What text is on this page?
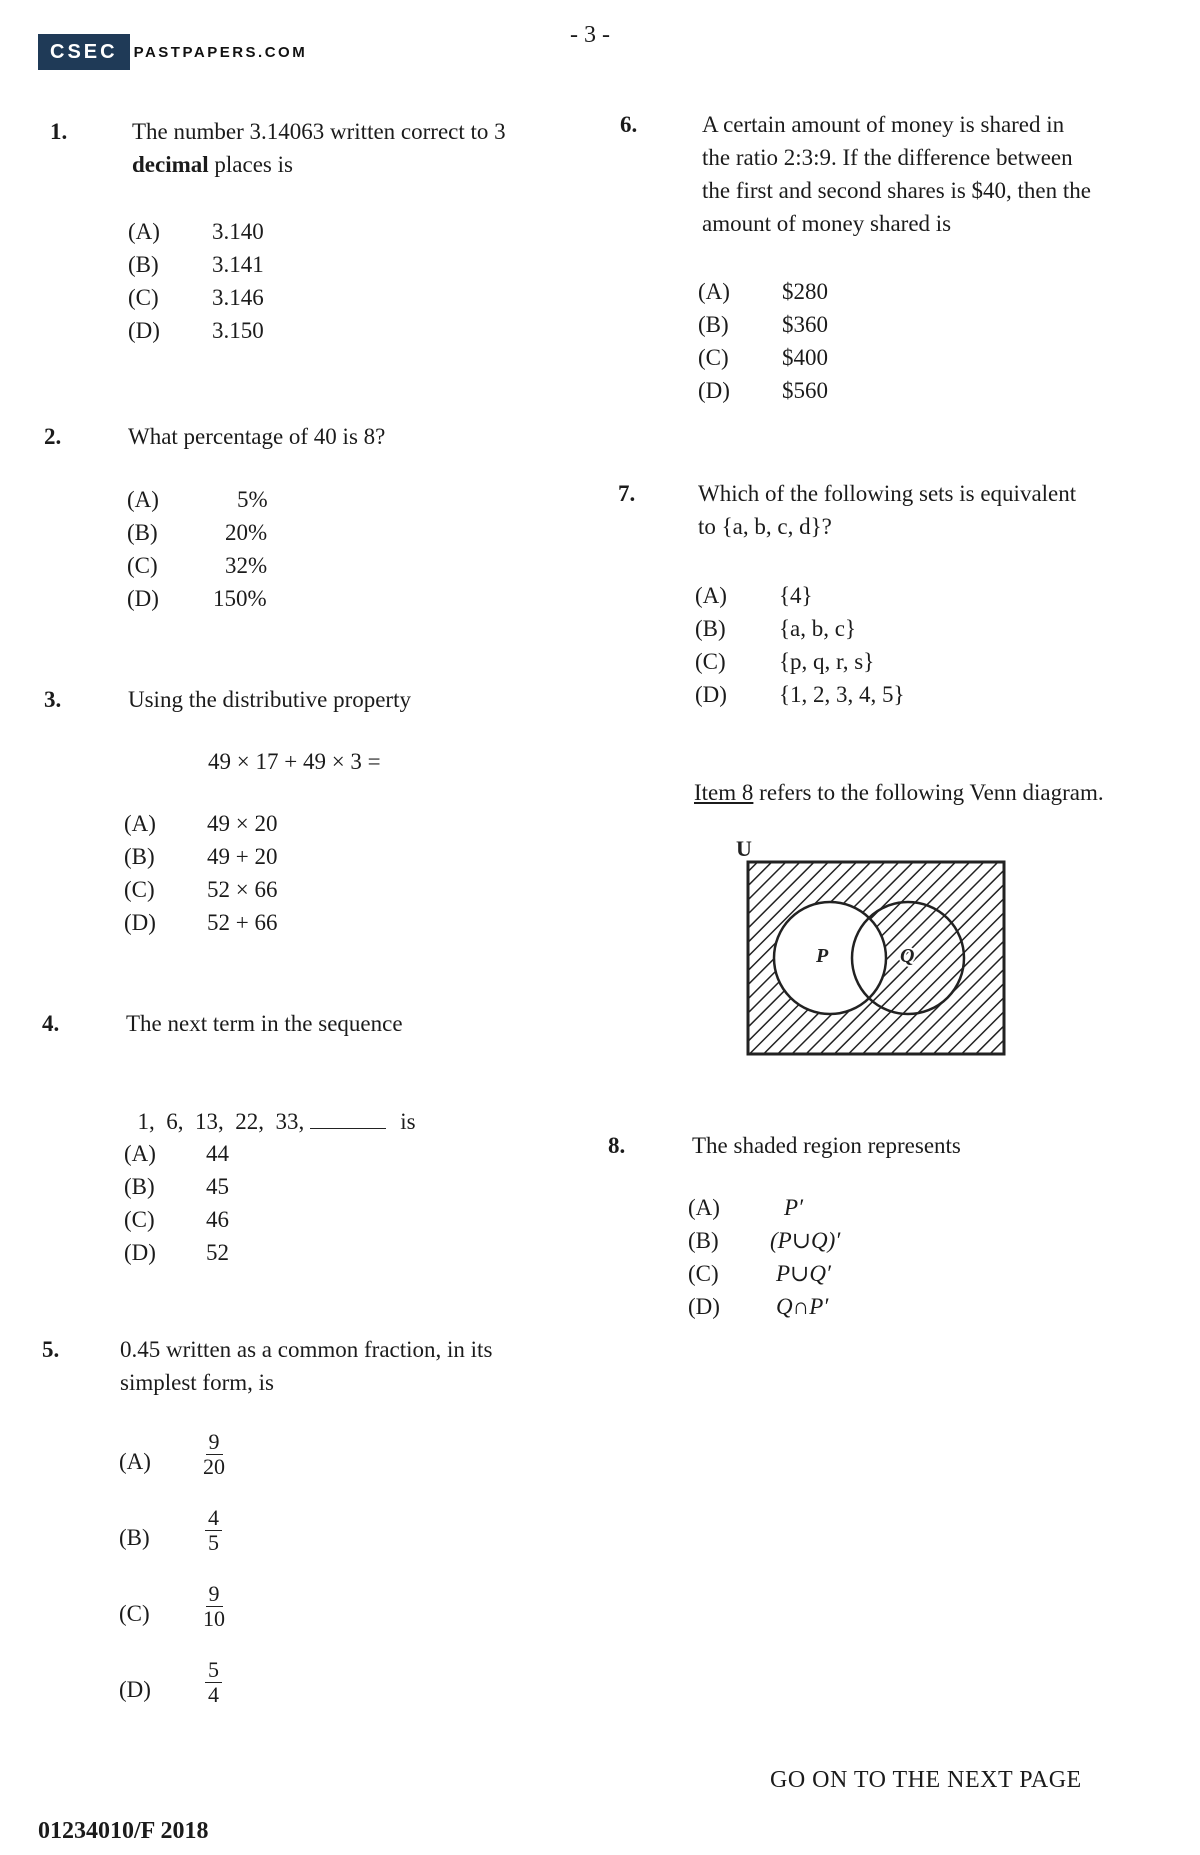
CSEC	PASTPAPERS.COM
- 3 -
1.	The number 3.14063 written correct to 3
decimal places is
(A) 3.140
(B) 3.141
(C) 3.146
(D) 3.150
2.	What percentage of 40 is 8?
(A)	5%
(B)	20%
(C)	32%
(D) 150%
3.	Using the distributive property
49 × 17 + 49 × 3 =
(A) 49 × 20
(B) 49 + 20
(C) 52 × 66
(D) 52 + 66
4.	The next term in the sequence

1,  6,  13,  22,  33,	is

(A) 44
(B) 45
(C) 46
(D) 52
5.	0.45 written as a common fraction, in its
simplest form, is
$(A) \frac{9}{20}$
(B)	$\frac{4}{5}$
$(C) \frac{9}{10}$
$(D) \frac{5}{4}$
6.	A certain amount of money is shared in
the ratio 2:3:9. If the difference between
the first and second shares is $40, then the
amount of money shared is
(A) $280
(B) $360
(C) $400
(D) $560
7.	Which of the following sets is equivalent
to {a, b, c, d}?
(A) {4}
(B) {a, b, c}
(C) {p, q, r, s}
(D) {1, 2, 3, 4, 5}
Item 8 refers to the following Venn diagram.
U
P	Q
8.	The shaded region represents
(A)	P′
(B) (P∪Q)′
(C) P∪Q′
(D) Q∩P′
GO ON TO THE NEXT PAGE
01234010/F 2018
